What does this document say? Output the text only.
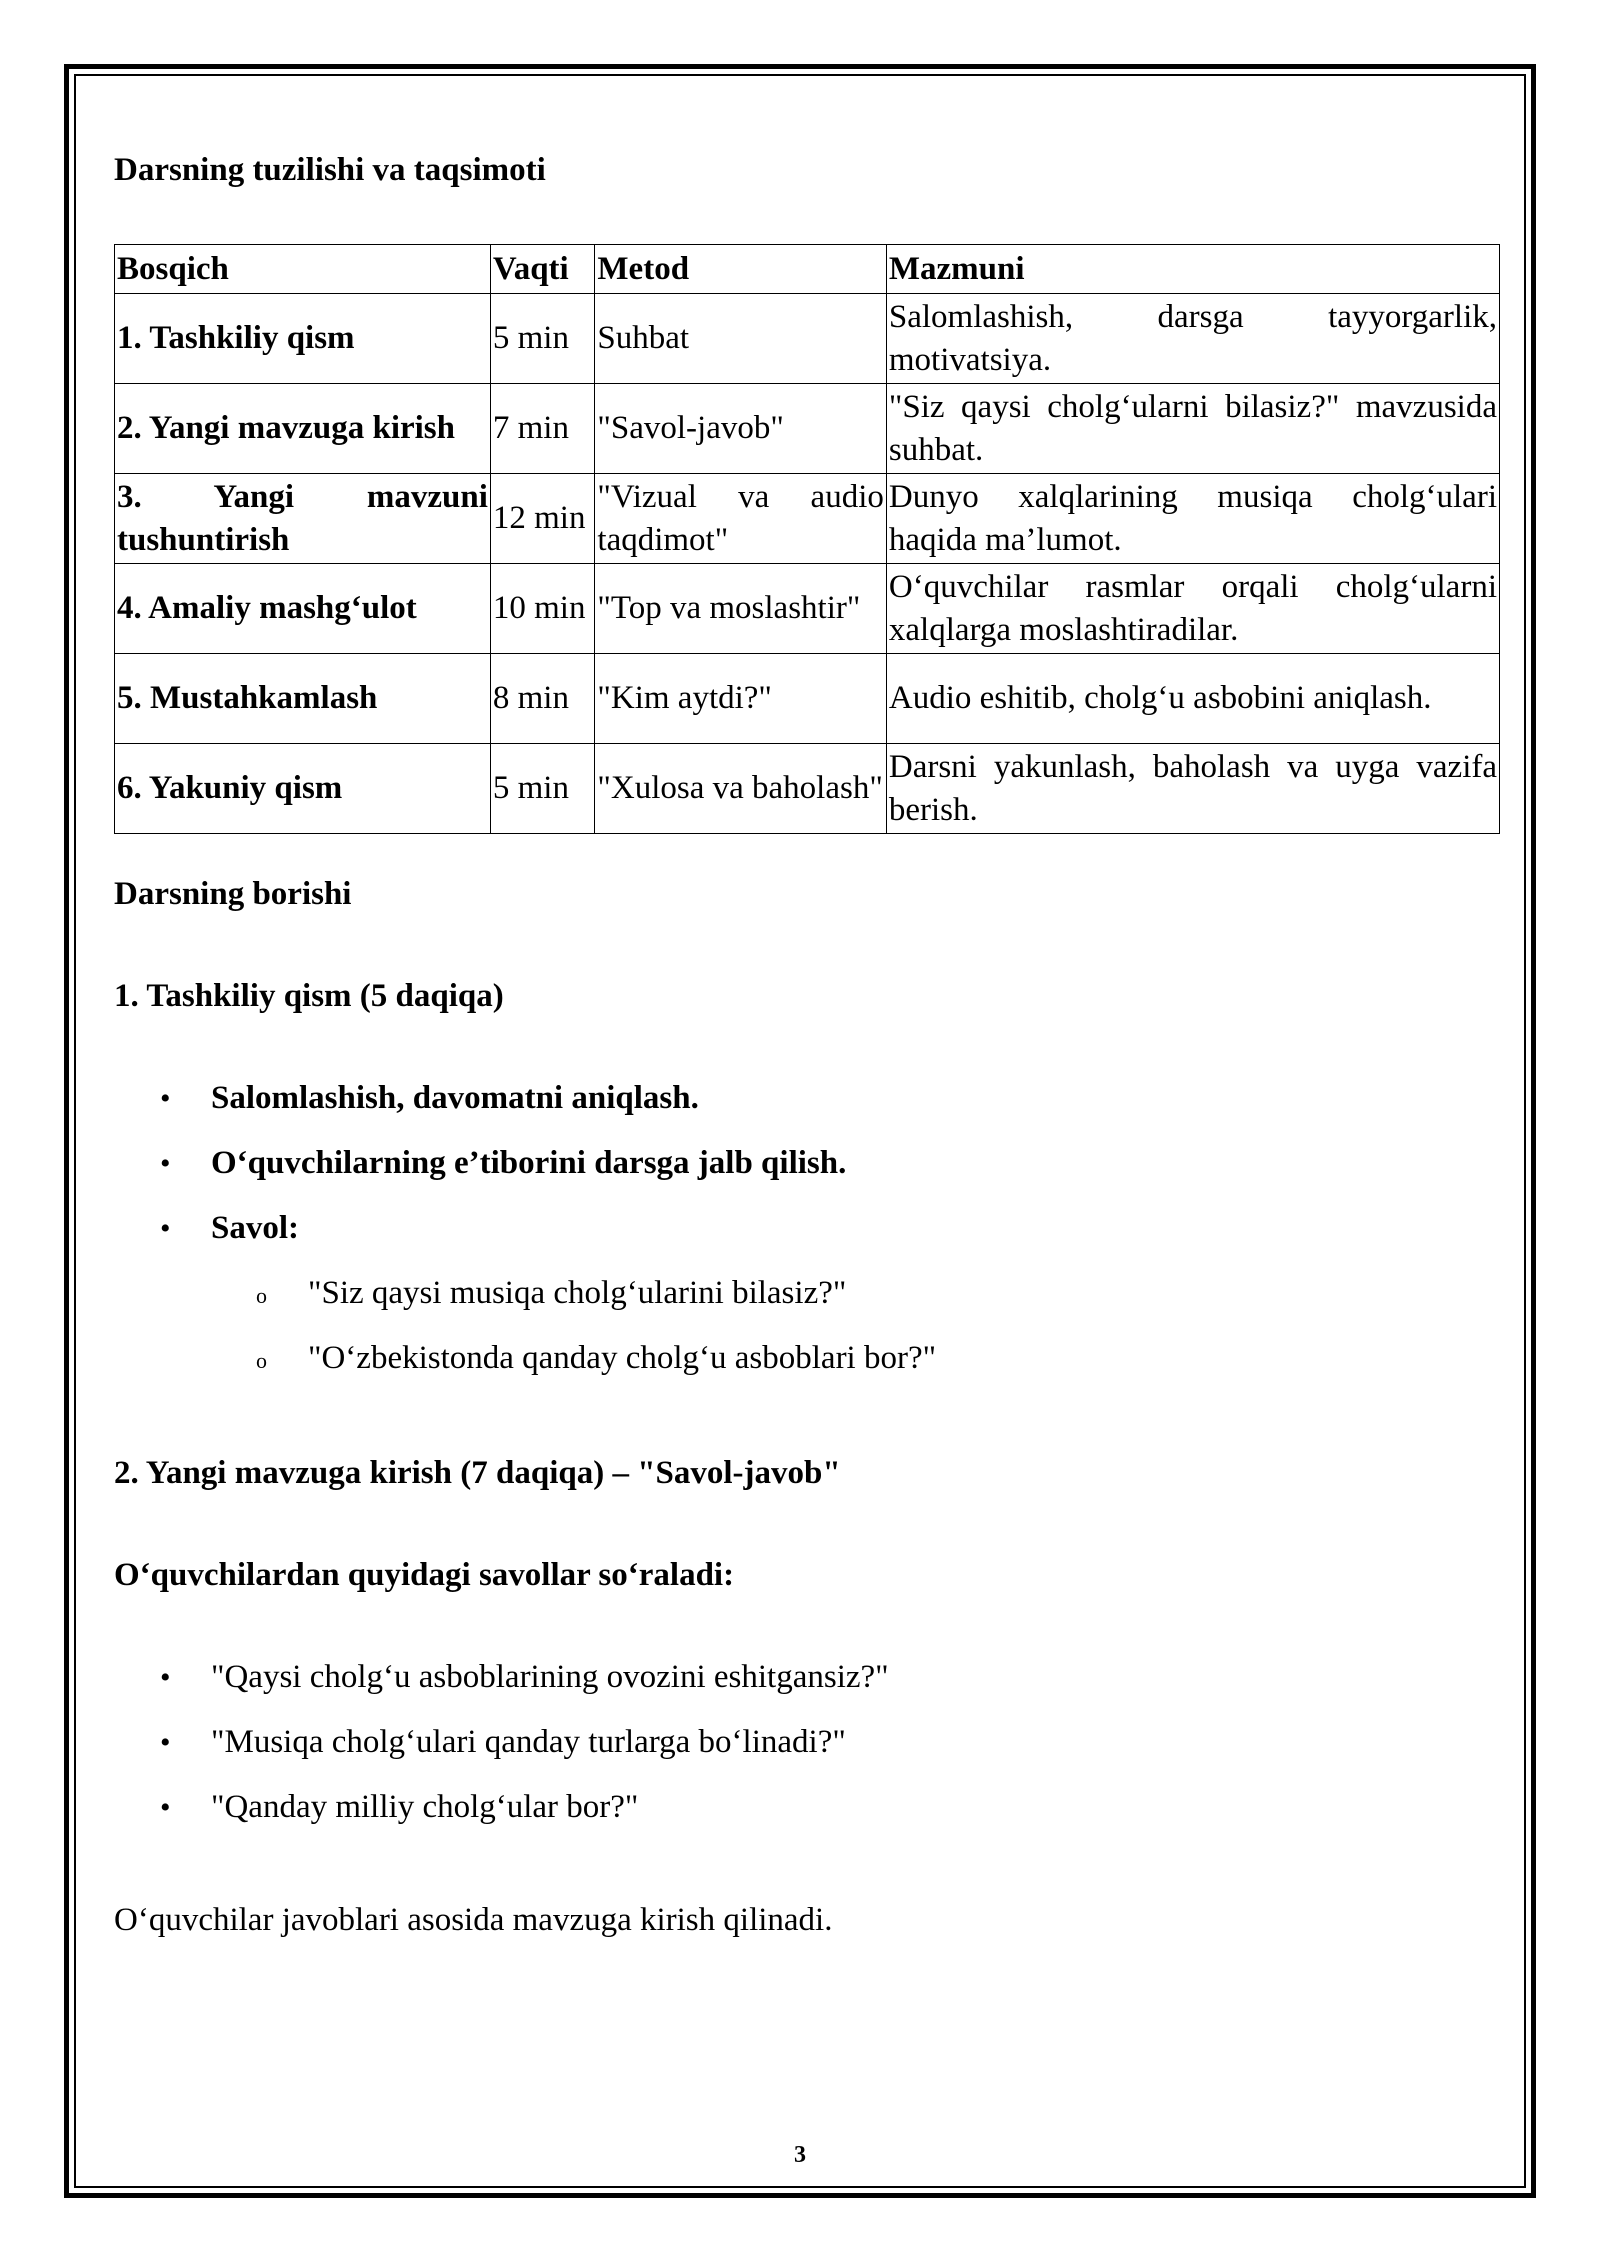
Darsning tuzilishi va taqsimoti
Bosqich	Vaqti	Metod	Mazmuni
1. Tashkiliy qism	5 min	Suhbat	Salomlashish, darsga tayyorgarlik, motivatsiya.
2. Yangi mavzuga kirish	7 min	"Savol-javob"	"Siz qaysi cholg‘ularni bilasiz?" mavzusida suhbat.
3. Yangi mavzuni tushuntirish	12 min	"Vizual va audio taqdimot"	Dunyo xalqlarining musiqa cholg‘ulari haqida ma’lumot.
4. Amaliy mashg‘ulot	10 min	"Top va moslashtir"	O‘quvchilar rasmlar orqali cholg‘ularni xalqlarga moslashtiradilar.
5. Mustahkamlash	8 min	"Kim aytdi?"	Audio eshitib, cholg‘u asbobini aniqlash.
6. Yakuniy qism	5 min	"Xulosa va baholash"	Darsni yakunlash, baholash va uyga vazifa berish.
Darsning borishi
1. Tashkiliy qism (5 daqiqa)
• Salomlashish, davomatni aniqlash.
• O‘quvchilarning e’tiborini darsga jalb qilish.
• Savol:
o "Siz qaysi musiqa cholg‘ularini bilasiz?"
o "O‘zbekistonda qanday cholg‘u asboblari bor?"
2. Yangi mavzuga kirish (7 daqiqa) – "Savol-javob"
O‘quvchilardan quyidagi savollar so‘raladi:
• "Qaysi cholg‘u asboblarining ovozini eshitgansiz?"
• "Musiqa cholg‘ulari qanday turlarga bo‘linadi?"
• "Qanday milliy cholg‘ular bor?"

O‘quvchilar javoblari asosida mavzuga kirish qilinadi.

3
